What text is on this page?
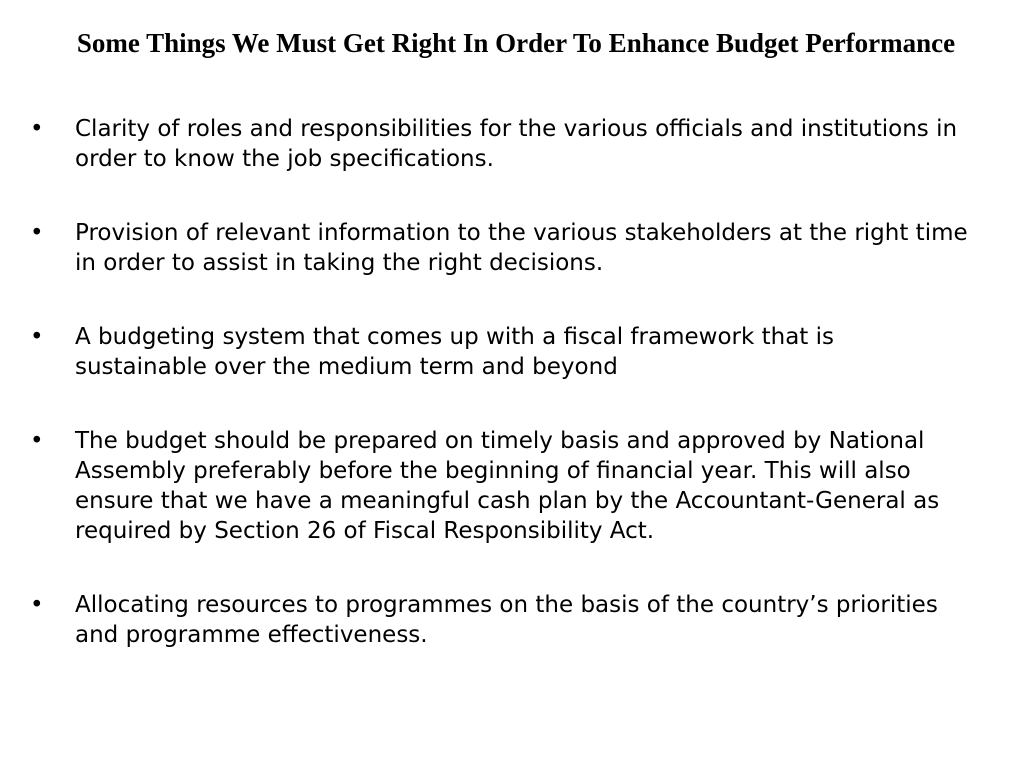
Some Things We Must Get Right In Order To Enhance Budget Performance
•	Clarity of roles and responsibilities for the various officials and institutions in order to know the job specifications.
•	Provision of relevant information to the various stakeholders at the right time in order to assist in taking the right decisions.
•	A budgeting system that comes up with a fiscal framework that is sustainable over the medium term and beyond
•	The budget should be prepared on timely basis and approved by National Assembly preferably before the beginning of financial year. This will also ensure that we have a meaningful cash plan by the Accountant-General as required by Section 26 of Fiscal Responsibility Act.
•	Allocating resources to programmes on the basis of the country’s priorities and programme effectiveness.
